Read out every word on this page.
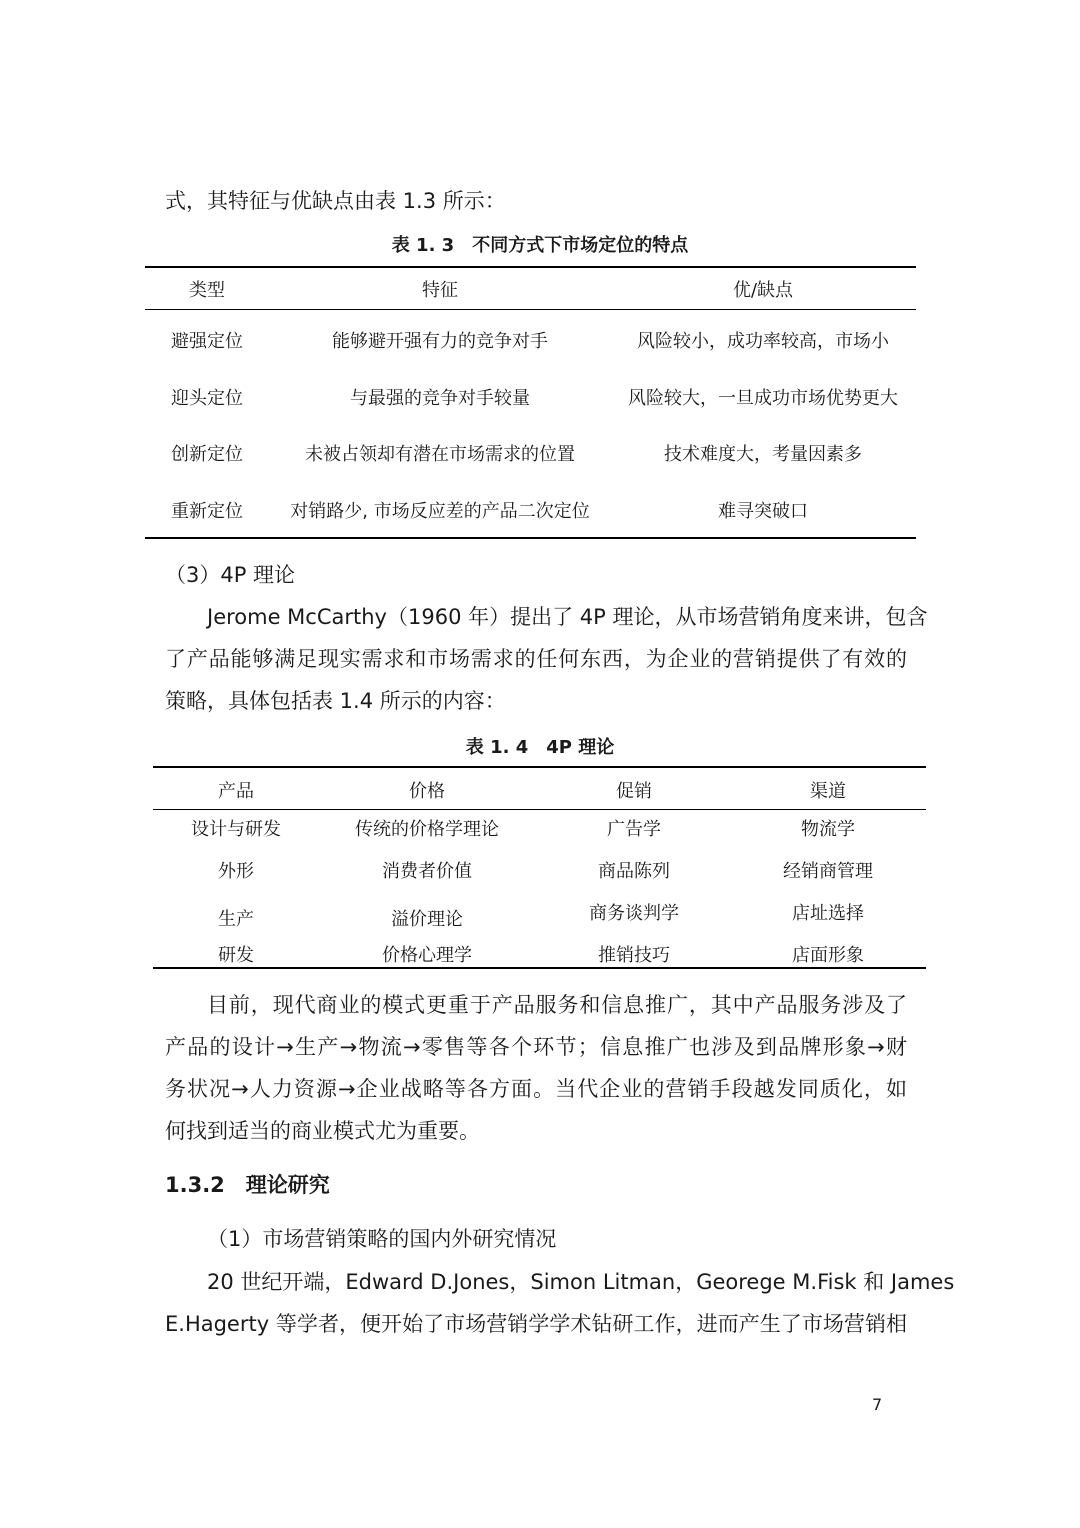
式，其特征与优缺点由表 1.3 所示：
表 1. 3　不同方式下市场定位的特点
类型	特征	优/缺点
避强定位	能够避开强有力的竞争对手	风险较小，成功率较高，市场小
迎头定位	与最强的竞争对手较量	风险较大，一旦成功市场优势更大
创新定位	未被占领却有潜在市场需求的位置	技术难度大，考量因素多
重新定位	对销路少, 市场反应差的产品二次定位	难寻突破口
（3）4P 理论
Jerome McCarthy（1960 年）提出了 4P 理论，从市场营销角度来讲，包含
了产品能够满足现实需求和市场需求的任何东西，为企业的营销提供了有效的
策略，具体包括表 1.4 所示的内容：
表 1. 4　4P 理论
产品	价格	促销	渠道
设计与研发	传统的价格学理论	广告学	物流学
外形	消费者价值	商品陈列	经销商管理
生产	溢价理论	商务谈判学	店址选择
研发	价格心理学	推销技巧	店面形象
目前，现代商业的模式更重于产品服务和信息推广，其中产品服务涉及了
产品的设计→生产→物流→零售等各个环节；信息推广也涉及到品牌形象→财
务状况→人力资源→企业战略等各方面。当代企业的营销手段越发同质化，如
何找到适当的商业模式尤为重要。
1.3.2　理论研究
（1）市场营销策略的国内外研究情况
20 世纪开端，Edward D.Jones，Simon Litman，Georege M.Fisk 和 James
E.Hagerty 等学者，便开始了市场营销学学术钻研工作，进而产生了市场营销相
7
